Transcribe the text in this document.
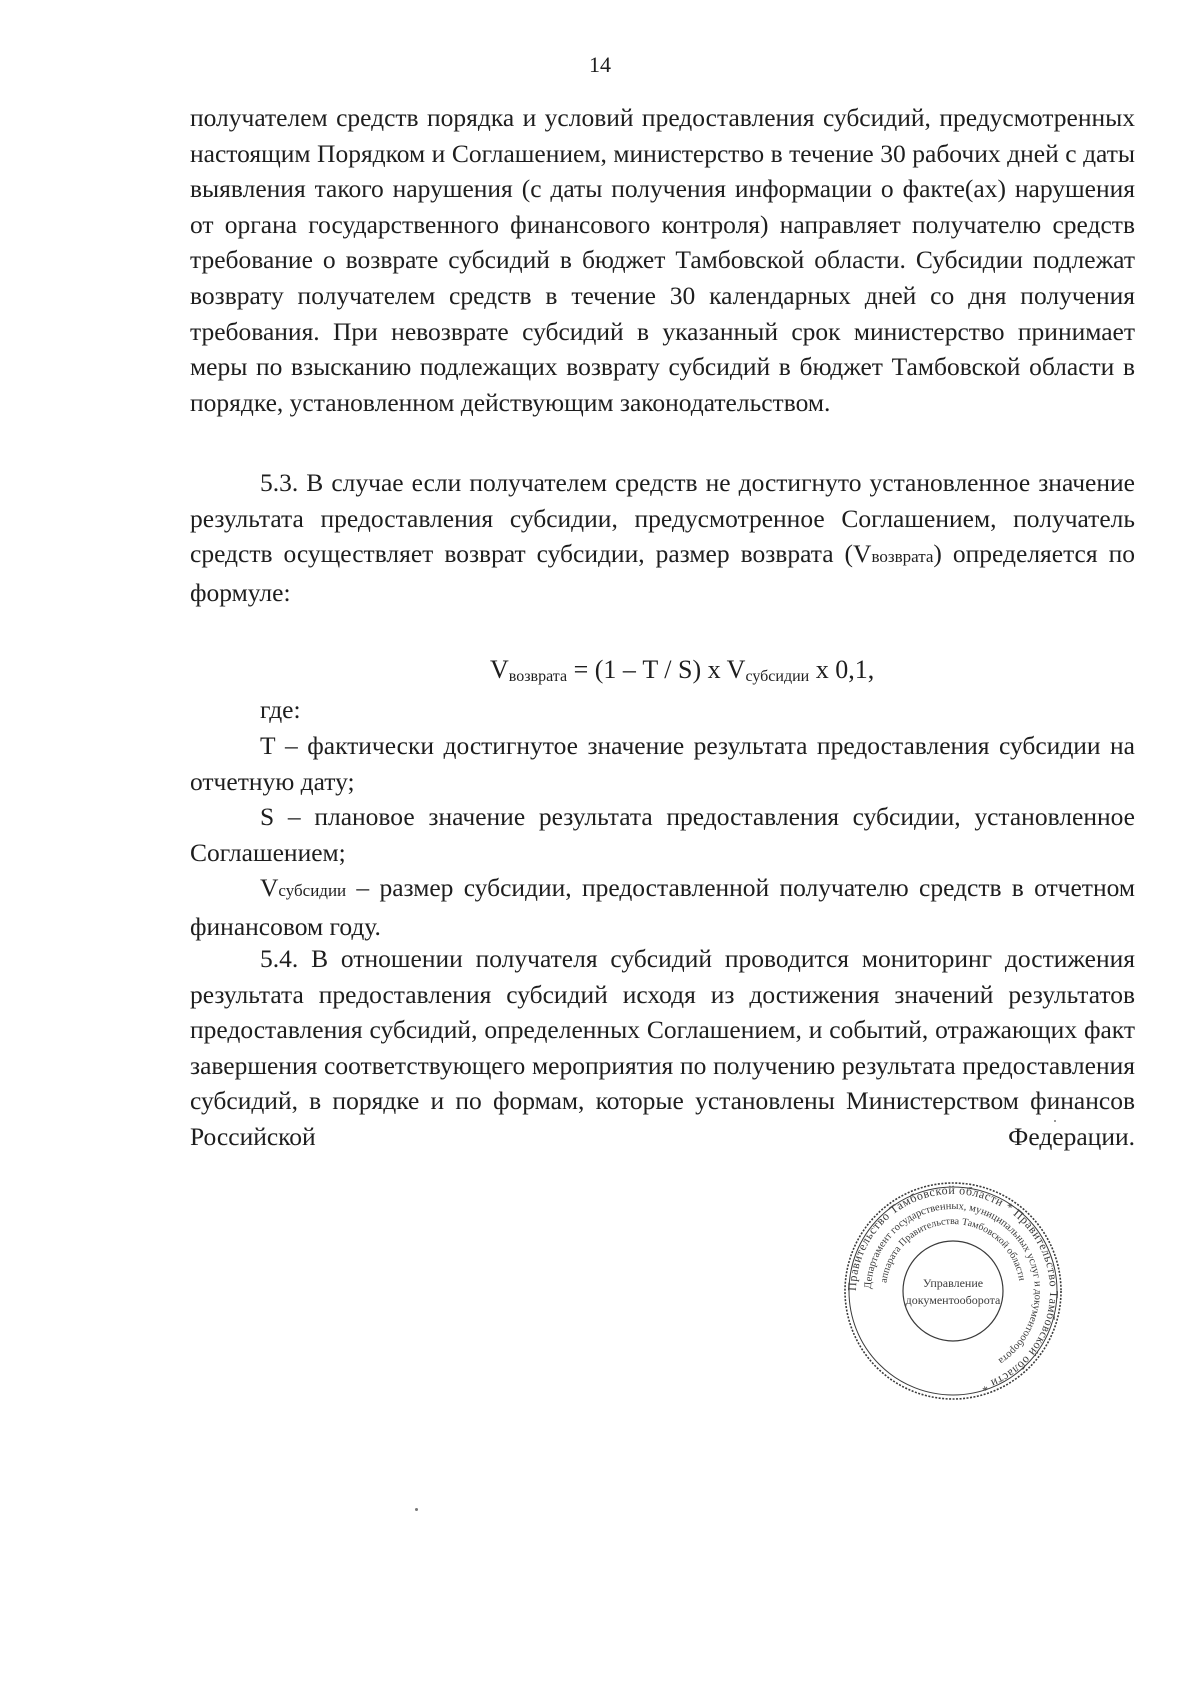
14
получателем средств порядка и условий предоставления субсидий, предусмотренных настоящим Порядком и Соглашением, министерство в течение 30 рабочих дней с даты выявления такого нарушения (с даты получения информации о факте(ах) нарушения от органа государственного финансового контроля) направляет получателю средств требование о возврате субсидий в бюджет Тамбовской области. Субсидии подлежат возврату получателем средств в течение 30 календарных дней со дня получения требования. При невозврате субсидий в указанный срок министерство принимает меры по взысканию подлежащих возврату субсидий в бюджет Тамбовской области в порядке, установленном действующим законодательством.
5.3. В случае если получателем средств не достигнуто установленное значение результата предоставления субсидии, предусмотренное Соглашением, получатель средств осуществляет возврат субсидии, размер возврата (Vвозврата) определяется по формуле:
Vвозврата = (1 – T / S) x Vсубсидии x 0,1,
где:
Т – фактически достигнутое значение результата предоставления субсидии на отчетную дату;
S – плановое значение результата предоставления субсидии, установленное Соглашением;
Vсубсидии – размер субсидии, предоставленной получателю средств в отчетном финансовом году.
5.4. В отношении получателя субсидий проводится мониторинг достижения результата предоставления субсидий исходя из достижения значений результатов предоставления субсидий, определенных Соглашением, и событий, отражающих факт завершения соответствующего мероприятия по получению результата предоставления субсидий, в порядке и по формам, которые установлены Министерством финансов Российской Федерации.
Правительство Тамбовской области * Правительство Тамбовской области *
Департамент государственных, муниципальных услуг и документооборота
аппарата Правительства Тамбовской области
Управление
документооборота
